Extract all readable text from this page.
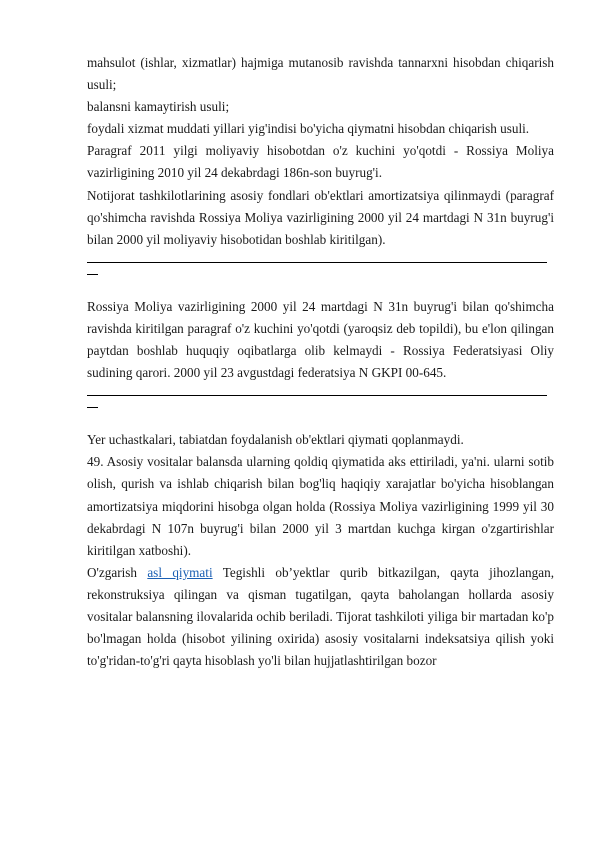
mahsulot (ishlar, xizmatlar) hajmiga mutanosib ravishda tannarxni hisobdan chiqarish usuli;

balansni kamaytirish usuli;

foydali xizmat muddati yillari yig'indisi bo'yicha qiymatni hisobdan chiqarish usuli.

Paragraf 2011 yilgi moliyaviy hisobotdan o'z kuchini yo'qotdi - Rossiya Moliya vazirligining 2010 yil 24 dekabrdagi 186n-son buyrug'i.

Notijorat tashkilotlarining asosiy fondlari ob'ektlari amortizatsiya qilinmaydi (paragraf qo'shimcha ravishda Rossiya Moliya vazirligining 2000 yil 24 martdagi N 31n buyrug'i bilan 2000 yil moliyaviy hisobotidan boshlab kiritilgan).

Rossiya Moliya vazirligining 2000 yil 24 martdagi N 31n buyrug'i bilan qo'shimcha ravishda kiritilgan paragraf o'z kuchini yo'qotdi (yaroqsiz deb topildi), bu e'lon qilingan paytdan boshlab huquqiy oqibatlarga olib kelmaydi - Rossiya Federatsiyasi Oliy sudining qarori. 2000 yil 23 avgustdagi federatsiya N GKPI 00-645.

Yer uchastkalari, tabiatdan foydalanish ob'ektlari qiymati qoplanmaydi.

49. Asosiy vositalar balansda ularning qoldiq qiymatida aks ettiriladi, ya'ni. ularni sotib olish, qurish va ishlab chiqarish bilan bog'liq haqiqiy xarajatlar bo'yicha hisoblangan amortizatsiya miqdorini hisobga olgan holda (Rossiya Moliya vazirligining 1999 yil 30 dekabrdagi N 107n buyrug'i bilan 2000 yil 3 martdan kuchga kirgan o'zgartirishlar kiritilgan xatboshi).

O'zgarish asl qiymati Tegishli obʼyektlar qurib bitkazilgan, qayta jihozlangan, rekonstruksiya qilingan va qisman tugatilgan, qayta baholangan hollarda asosiy vositalar balansning ilovalarida ochib beriladi. Tijorat tashkiloti yiliga bir martadan ko'p bo'lmagan holda (hisobot yilining oxirida) asosiy vositalarni indeksatsiya qilish yoki to'g'ridan-to'g'ri qayta hisoblash yo'li bilan hujjatlashtirilgan bozor
